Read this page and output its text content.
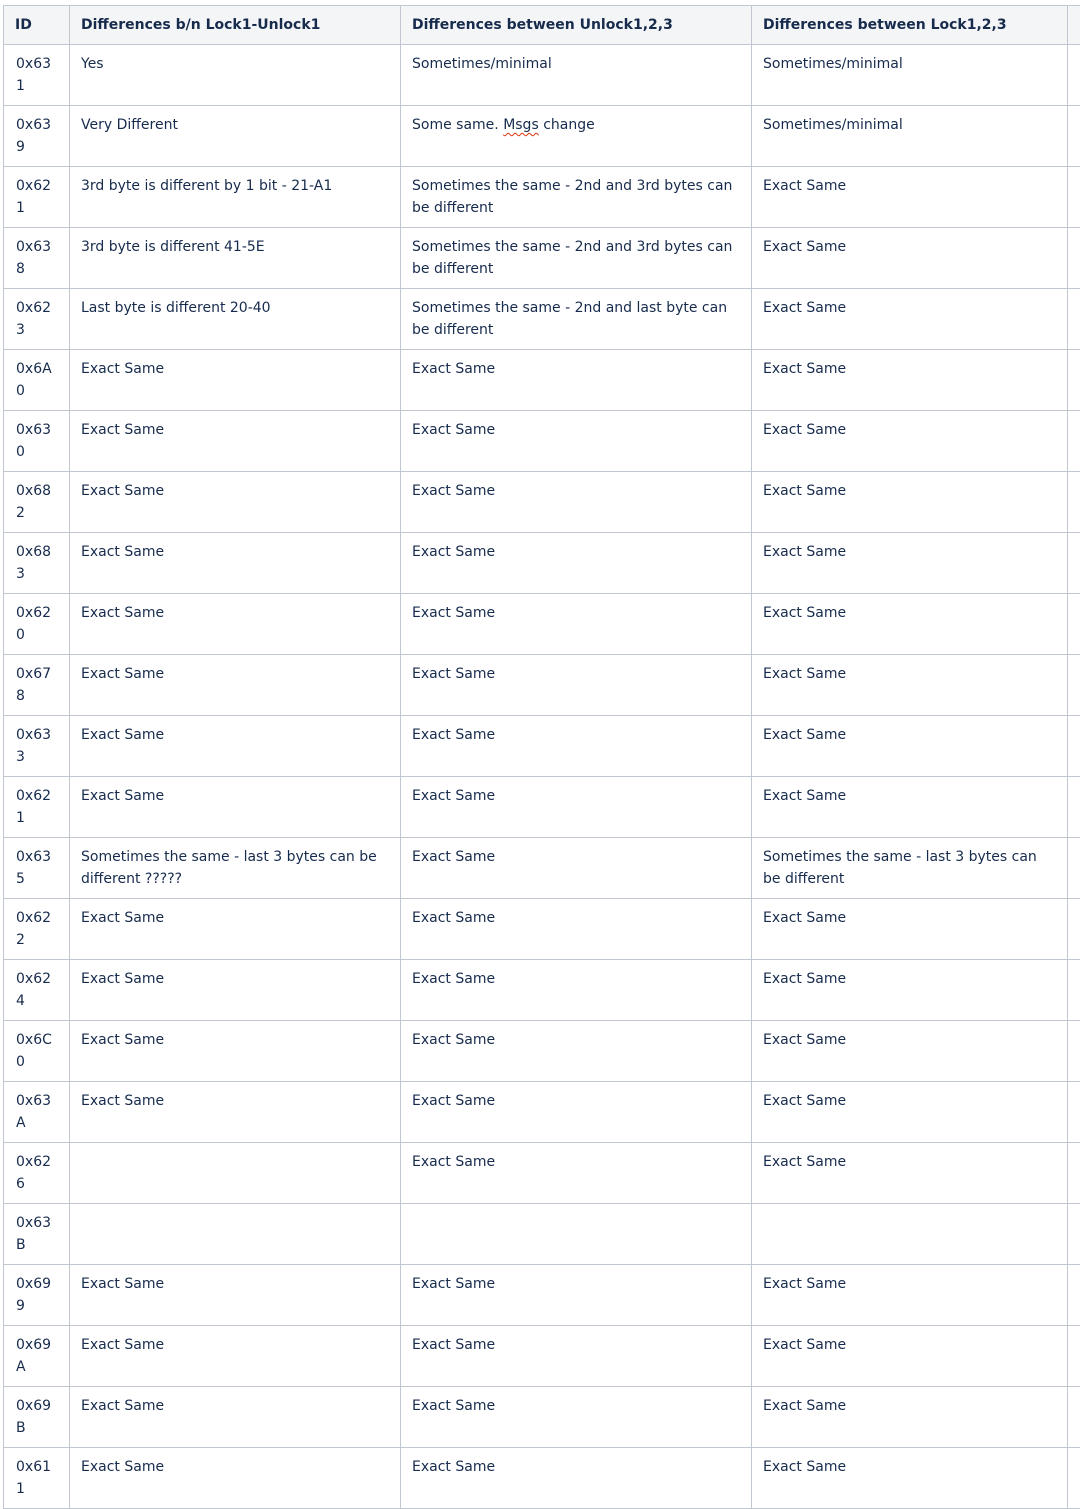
ID	Differences b/n Lock1-Unlock1	Differences between Unlock1,2,3	Differences between Lock1,2,3	
0x631	Yes	Sometimes/minimal	Sometimes/minimal	
0x639	Very Different	Some same. Msgs change	Sometimes/minimal	
0x621	3rd byte is different by 1 bit - 21-A1	Sometimes the same - 2nd and 3rd bytes can be different	Exact Same	
0x638	3rd byte is different 41-5E	Sometimes the same - 2nd and 3rd bytes can be different	Exact Same	
0x623	Last byte is different 20-40	Sometimes the same - 2nd and last byte can be different	Exact Same	
0x6A0	Exact Same	Exact Same	Exact Same	
0x630	Exact Same	Exact Same	Exact Same	
0x682	Exact Same	Exact Same	Exact Same	
0x683	Exact Same	Exact Same	Exact Same	
0x620	Exact Same	Exact Same	Exact Same	
0x678	Exact Same	Exact Same	Exact Same	
0x633	Exact Same	Exact Same	Exact Same	
0x621	Exact Same	Exact Same	Exact Same	
0x635	Sometimes the same - last 3 bytes can be different ?????	Exact Same	Sometimes the same - last 3 bytes can be different	
0x622	Exact Same	Exact Same	Exact Same	
0x624	Exact Same	Exact Same	Exact Same	
0x6C0	Exact Same	Exact Same	Exact Same	
0x63A	Exact Same	Exact Same	Exact Same	
0x626		Exact Same	Exact Same	
0x63B				
0x699	Exact Same	Exact Same	Exact Same	
0x69A	Exact Same	Exact Same	Exact Same	
0x69B	Exact Same	Exact Same	Exact Same	
0x611	Exact Same	Exact Same	Exact Same	
